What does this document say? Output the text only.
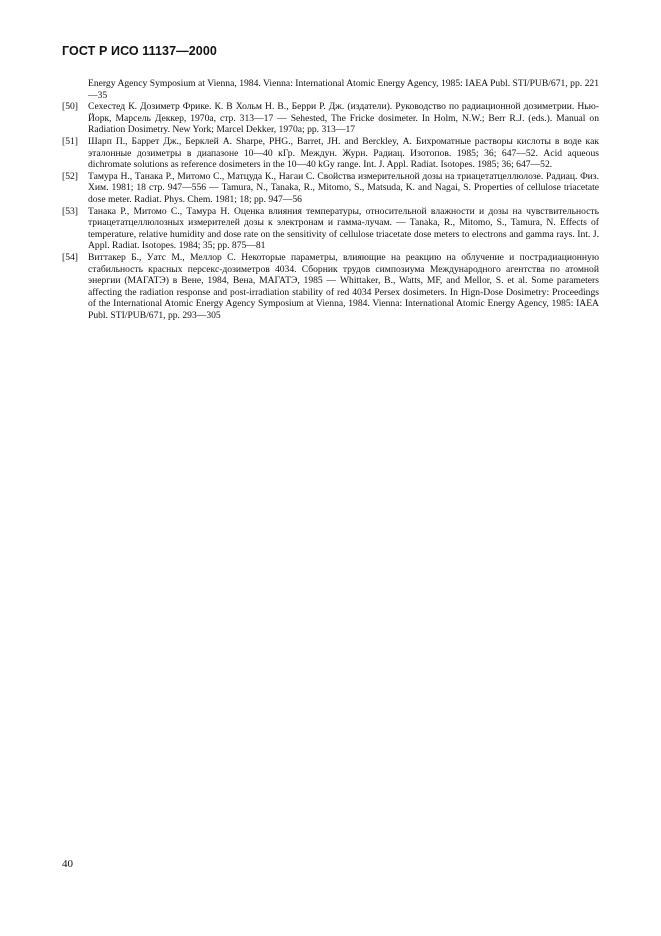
ГОСТ Р ИСО 11137—2000
Energy Agency Symposium at Vienna, 1984. Vienna: International Atomic Energy Agency, 1985: IAEA Publ. STI/PUB/671, pp. 221—35
[50] Сехестед К. Дозиметр Фрике. К. В Хольм Н. В., Берри Р. Дж. (издатели). Руководство по радиационной дозиметрии. Нью-Йорк, Марсель Деккер, 1970а, стр. 313—17 — Sehested, The Fricke dosimeter. In Holm, N.W.; Berr R.J. (eds.). Manual on Radiation Dosimetry. New York; Marcel Dekker, 1970a; pp. 313—17
[51] Шарп П., Баррет Дж., Берклей А. Sharpe, PHG., Barret, JH. and Berckley, А. Бихроматные растворы кислоты в воде как эталонные дозиметры в диапазоне 10—40 кГр. Междун. Журн. Радиац. Изотопов. 1985; 36; 647—52. Acid aqueous dichromate solutions as reference dosimeters in the 10—40 kGy range. Int. J. Appl. Radiat. Isotopes. 1985; 36; 647—52.
[52] Тамура Н., Танака Р., Митомо С., Матцуда К., Нагаи С. Свойства измерительной дозы на триацетатцеллюлозе. Радиац. Физ. Хим. 1981; 18 стр. 947—556 — Tamura, N., Tanaka, R., Mitomo, S., Matsuda, K. and Nagai, S. Properties of cellulose triacetate dose meter. Radiat. Phys. Chem. 1981; 18; pp. 947—56
[53] Танака Р., Митомо С., Тамура Н. Оценка влияния температуры, относительной влажности и дозы на чувствительность триацетатцеллюлозных измерителей дозы к электронам и гамма-лучам. — Tanaka, R., Mitomo, S., Tamura, N. Effects of temperature, relative humidity and dose rate on the sensitivity of cellulose triacetate dose meters to electrons and gamma rays. Int. J. Appl. Radiat. Isotopes. 1984; 35; pp. 875—81
[54] Виттакер Б., Уатс М., Меллор С. Некоторые параметры, влияющие на реакцию на облучение и пострадиационную стабильность красных персекс-дозиметров 4034. Сборник трудов симпозиума Международного агентства по атомной энергии (МАГАТЭ) в Вене, 1984, Вена, МАГАТЭ, 1985 — Whittaker, B., Watts, MF, and Mellor, S. et al. Some parameters affecting the radiation response and post-irradiation stability of red 4034 Persex dosimeters. In Hign-Dose Dosimetry: Proceedings of the International Atomic Energy Agency Symposium at Vienna, 1984. Vienna: International Atomic Energy Agency, 1985: IAEA Publ. STI/PUB/671, pp. 293—305

40
